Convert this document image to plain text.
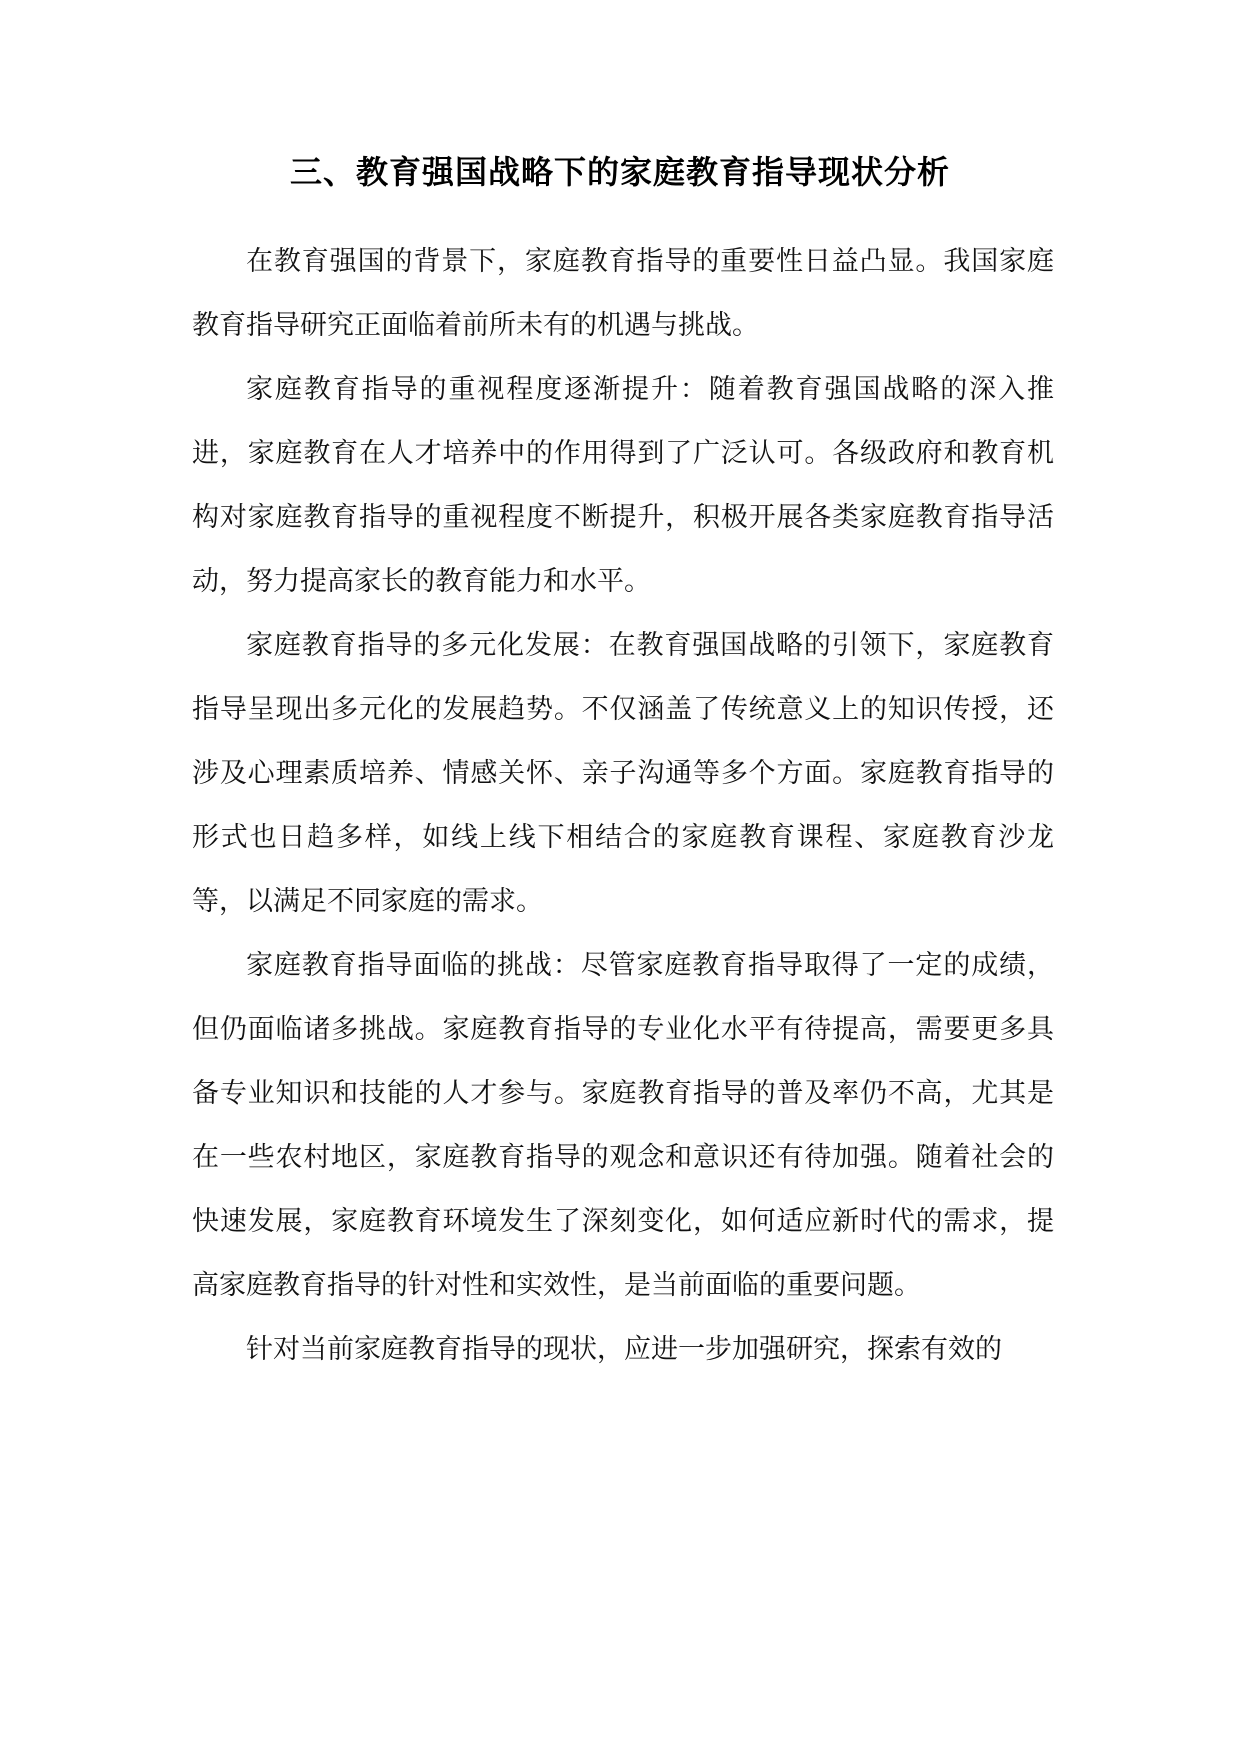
三、教育强国战略下的家庭教育指导现状分析

在教育强国的背景下，家庭教育指导的重要性日益凸显。我国家庭教育指导研究正面临着前所未有的机遇与挑战。

家庭教育指导的重视程度逐渐提升：随着教育强国战略的深入推进，家庭教育在人才培养中的作用得到了广泛认可。各级政府和教育机构对家庭教育指导的重视程度不断提升，积极开展各类家庭教育指导活动，努力提高家长的教育能力和水平。

家庭教育指导的多元化发展：在教育强国战略的引领下，家庭教育指导呈现出多元化的发展趋势。不仅涵盖了传统意义上的知识传授，还涉及心理素质培养、情感关怀、亲子沟通等多个方面。家庭教育指导的形式也日趋多样，如线上线下相结合的家庭教育课程、家庭教育沙龙等，以满足不同家庭的需求。

家庭教育指导面临的挑战：尽管家庭教育指导取得了一定的成绩，但仍面临诸多挑战。家庭教育指导的专业化水平有待提高，需要更多具备专业知识和技能的人才参与。家庭教育指导的普及率仍不高，尤其是在一些农村地区，家庭教育指导的观念和意识还有待加强。随着社会的快速发展，家庭教育环境发生了深刻变化，如何适应新时代的需求，提高家庭教育指导的针对性和实效性，是当前面临的重要问题。

针对当前家庭教育指导的现状，应进一步加强研究，探索有效的
